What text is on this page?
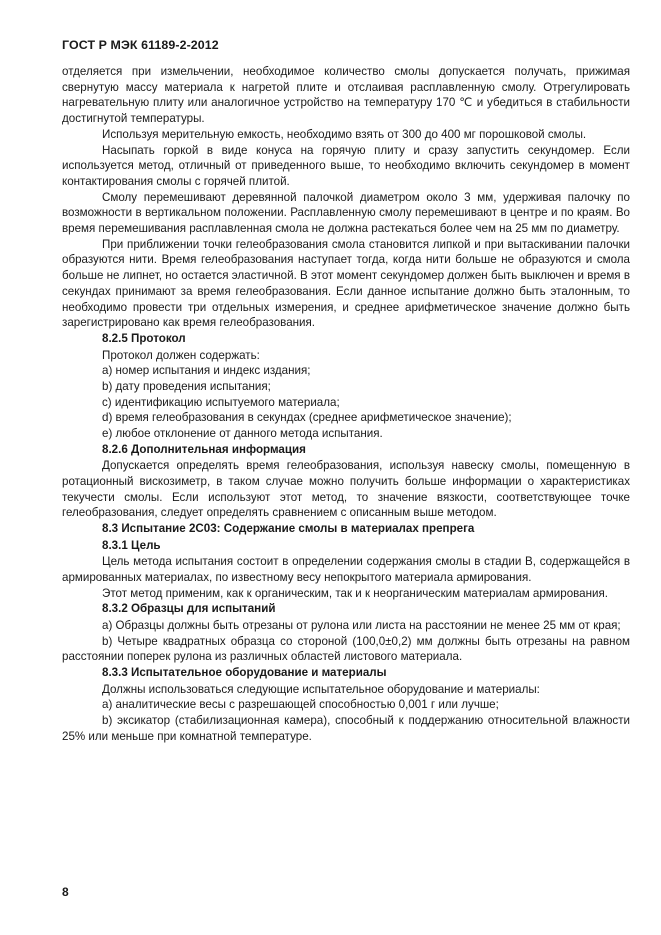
ГОСТ Р МЭК 61189-2-2012

отделяется при измельчении, необходимое количество смолы допускается получать, прижимая свернутую массу материала к нагретой плите и отслаивая расплавленную смолу. Отрегулировать нагревательную плиту или аналогичное устройство на температуру 170 ℃ и убедиться в стабильности достигнутой температуры.

Используя мерительную емкость, необходимо взять от 300 до 400 мг порошковой смолы.

Насыпать горкой в виде конуса на горячую плиту и сразу запустить секундомер. Если используется метод, отличный от приведенного выше, то необходимо включить секундомер в момент контактирования смолы с горячей плитой.

Смолу перемешивают деревянной палочкой диаметром около 3 мм, удерживая палочку по возможности в вертикальном положении. Расплавленную смолу перемешивают в центре и по краям. Во время перемешивания расплавленная смола не должна растекаться более чем на 25 мм по диаметру.

При приближении точки гелеобразования смола становится липкой и при вытаскивании палочки образуются нити. Время гелеобразования наступает тогда, когда нити больше не образуются и смола больше не липнет, но остается эластичной. В этот момент секундомер должен быть выключен и время в секундах принимают за время гелеобразования. Если данное испытание должно быть эталонным, то необходимо провести три отдельных измерения, и среднее арифметическое значение должно быть зарегистрировано как время гелеобразования.

8.2.5 Протокол

Протокол должен содержать:

a) номер испытания и индекс издания;

b) дату проведения испытания;

c) идентификацию испытуемого материала;

d) время гелеобразования в секундах (среднее арифметическое значение);

e) любое отклонение от данного метода испытания.

8.2.6 Дополнительная информация

Допускается определять время гелеобразования, используя навеску смолы, помещенную в ротационный вискозиметр, в таком случае можно получить больше информации о характеристиках текучести смолы. Если используют этот метод, то значение вязкости, соответствующее точке гелеобразования, следует определять сравнением с описанным выше методом.

8.3 Испытание 2C03: Содержание смолы в материалах препрега
8.3.1 Цель

Цель метода испытания состоит в определении содержания смолы в стадии B, содержащейся в армированных материалах, по известному весу непокрытого материала армирования.

Этот метод применим, как к органическим, так и к неорганическим материалам армирования.

8.3.2 Образцы для испытаний

а) Образцы должны быть отрезаны от рулона или листа на расстоянии не менее 25 мм от края;

b) Четыре квадратных образца со стороной (100,0±0,2) мм должны быть отрезаны на равном расстоянии поперек рулона из различных областей листового материала.

8.3.3 Испытательное оборудование и материалы

Должны использоваться следующие испытательное оборудование и материалы:

a) аналитические весы с разрешающей способностью 0,001 г или лучше;

b) эксикатор (стабилизационная камера), способный к поддержанию относительной влажности 25% или меньше при комнатной температуре.

8
